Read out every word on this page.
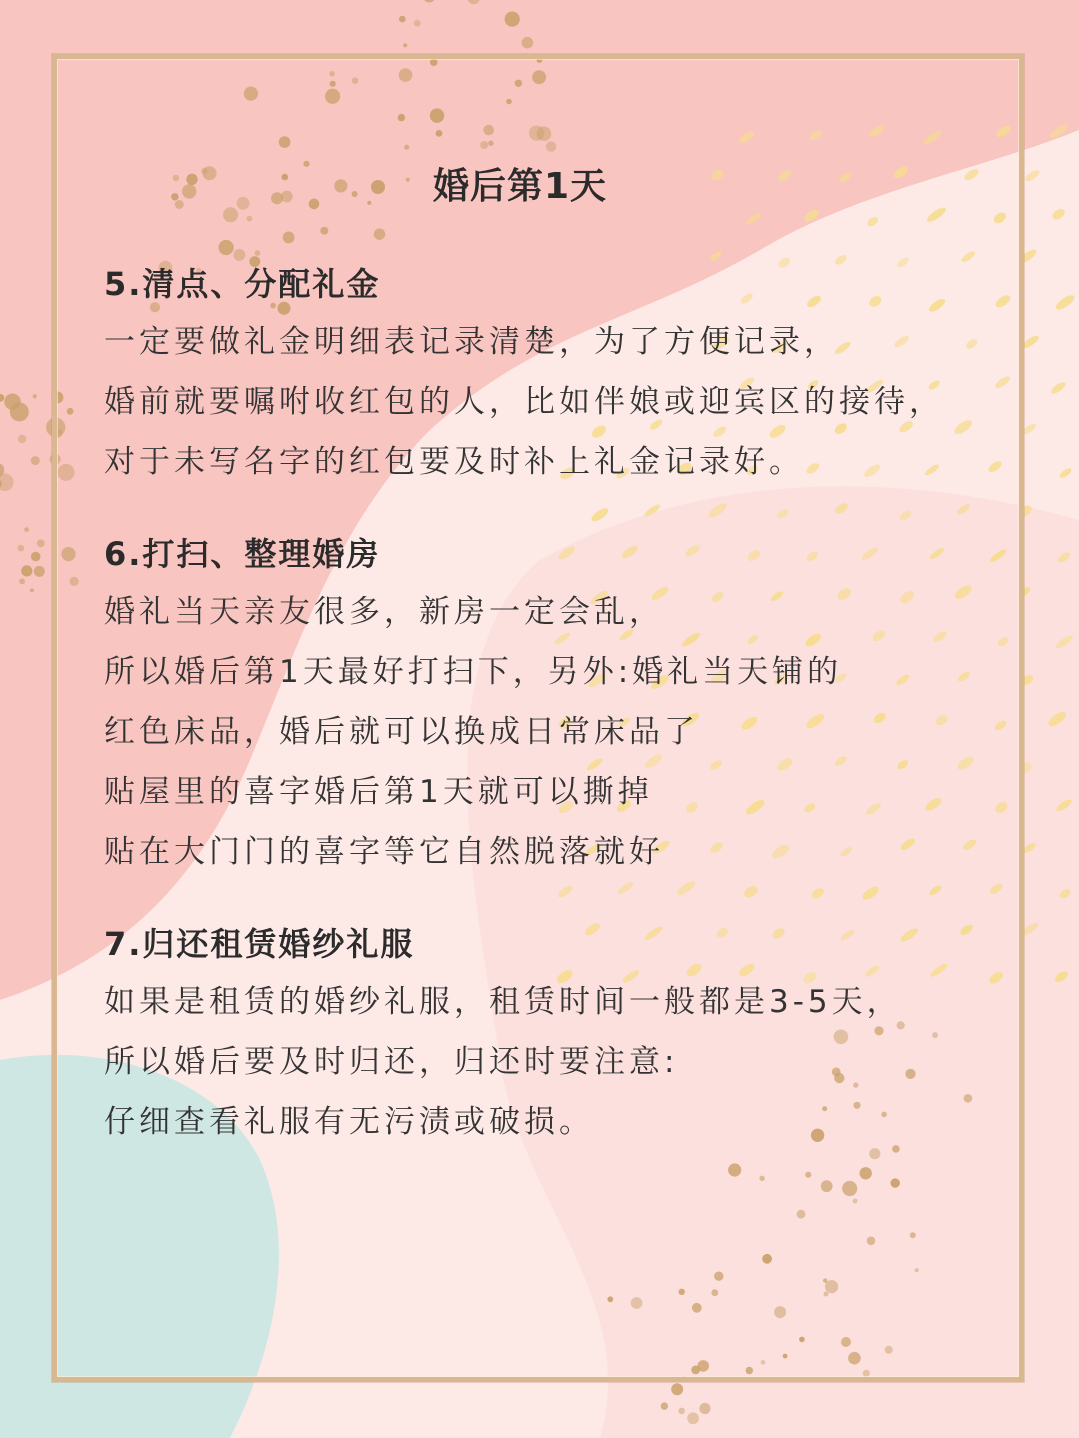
婚后第1天
5.清点、分配礼金
一定要做礼金明细表记录清楚，为了方便记录，
婚前就要嘱咐收红包的人，比如伴娘或迎宾区的接待，
对于未写名字的红包要及时补上礼金记录好。
6.打扫、整理婚房
婚礼当天亲友很多，新房一定会乱，
所以婚后第1天最好打扫下，另外:婚礼当天铺的
红色床品，婚后就可以换成日常床品了
贴屋里的喜字婚后第1天就可以撕掉
贴在大门门的喜字等它自然脱落就好
7.归还租赁婚纱礼服
如果是租赁的婚纱礼服，租赁时间一般都是3-5天，
所以婚后要及时归还，归还时要注意:
仔细查看礼服有无污渍或破损。
